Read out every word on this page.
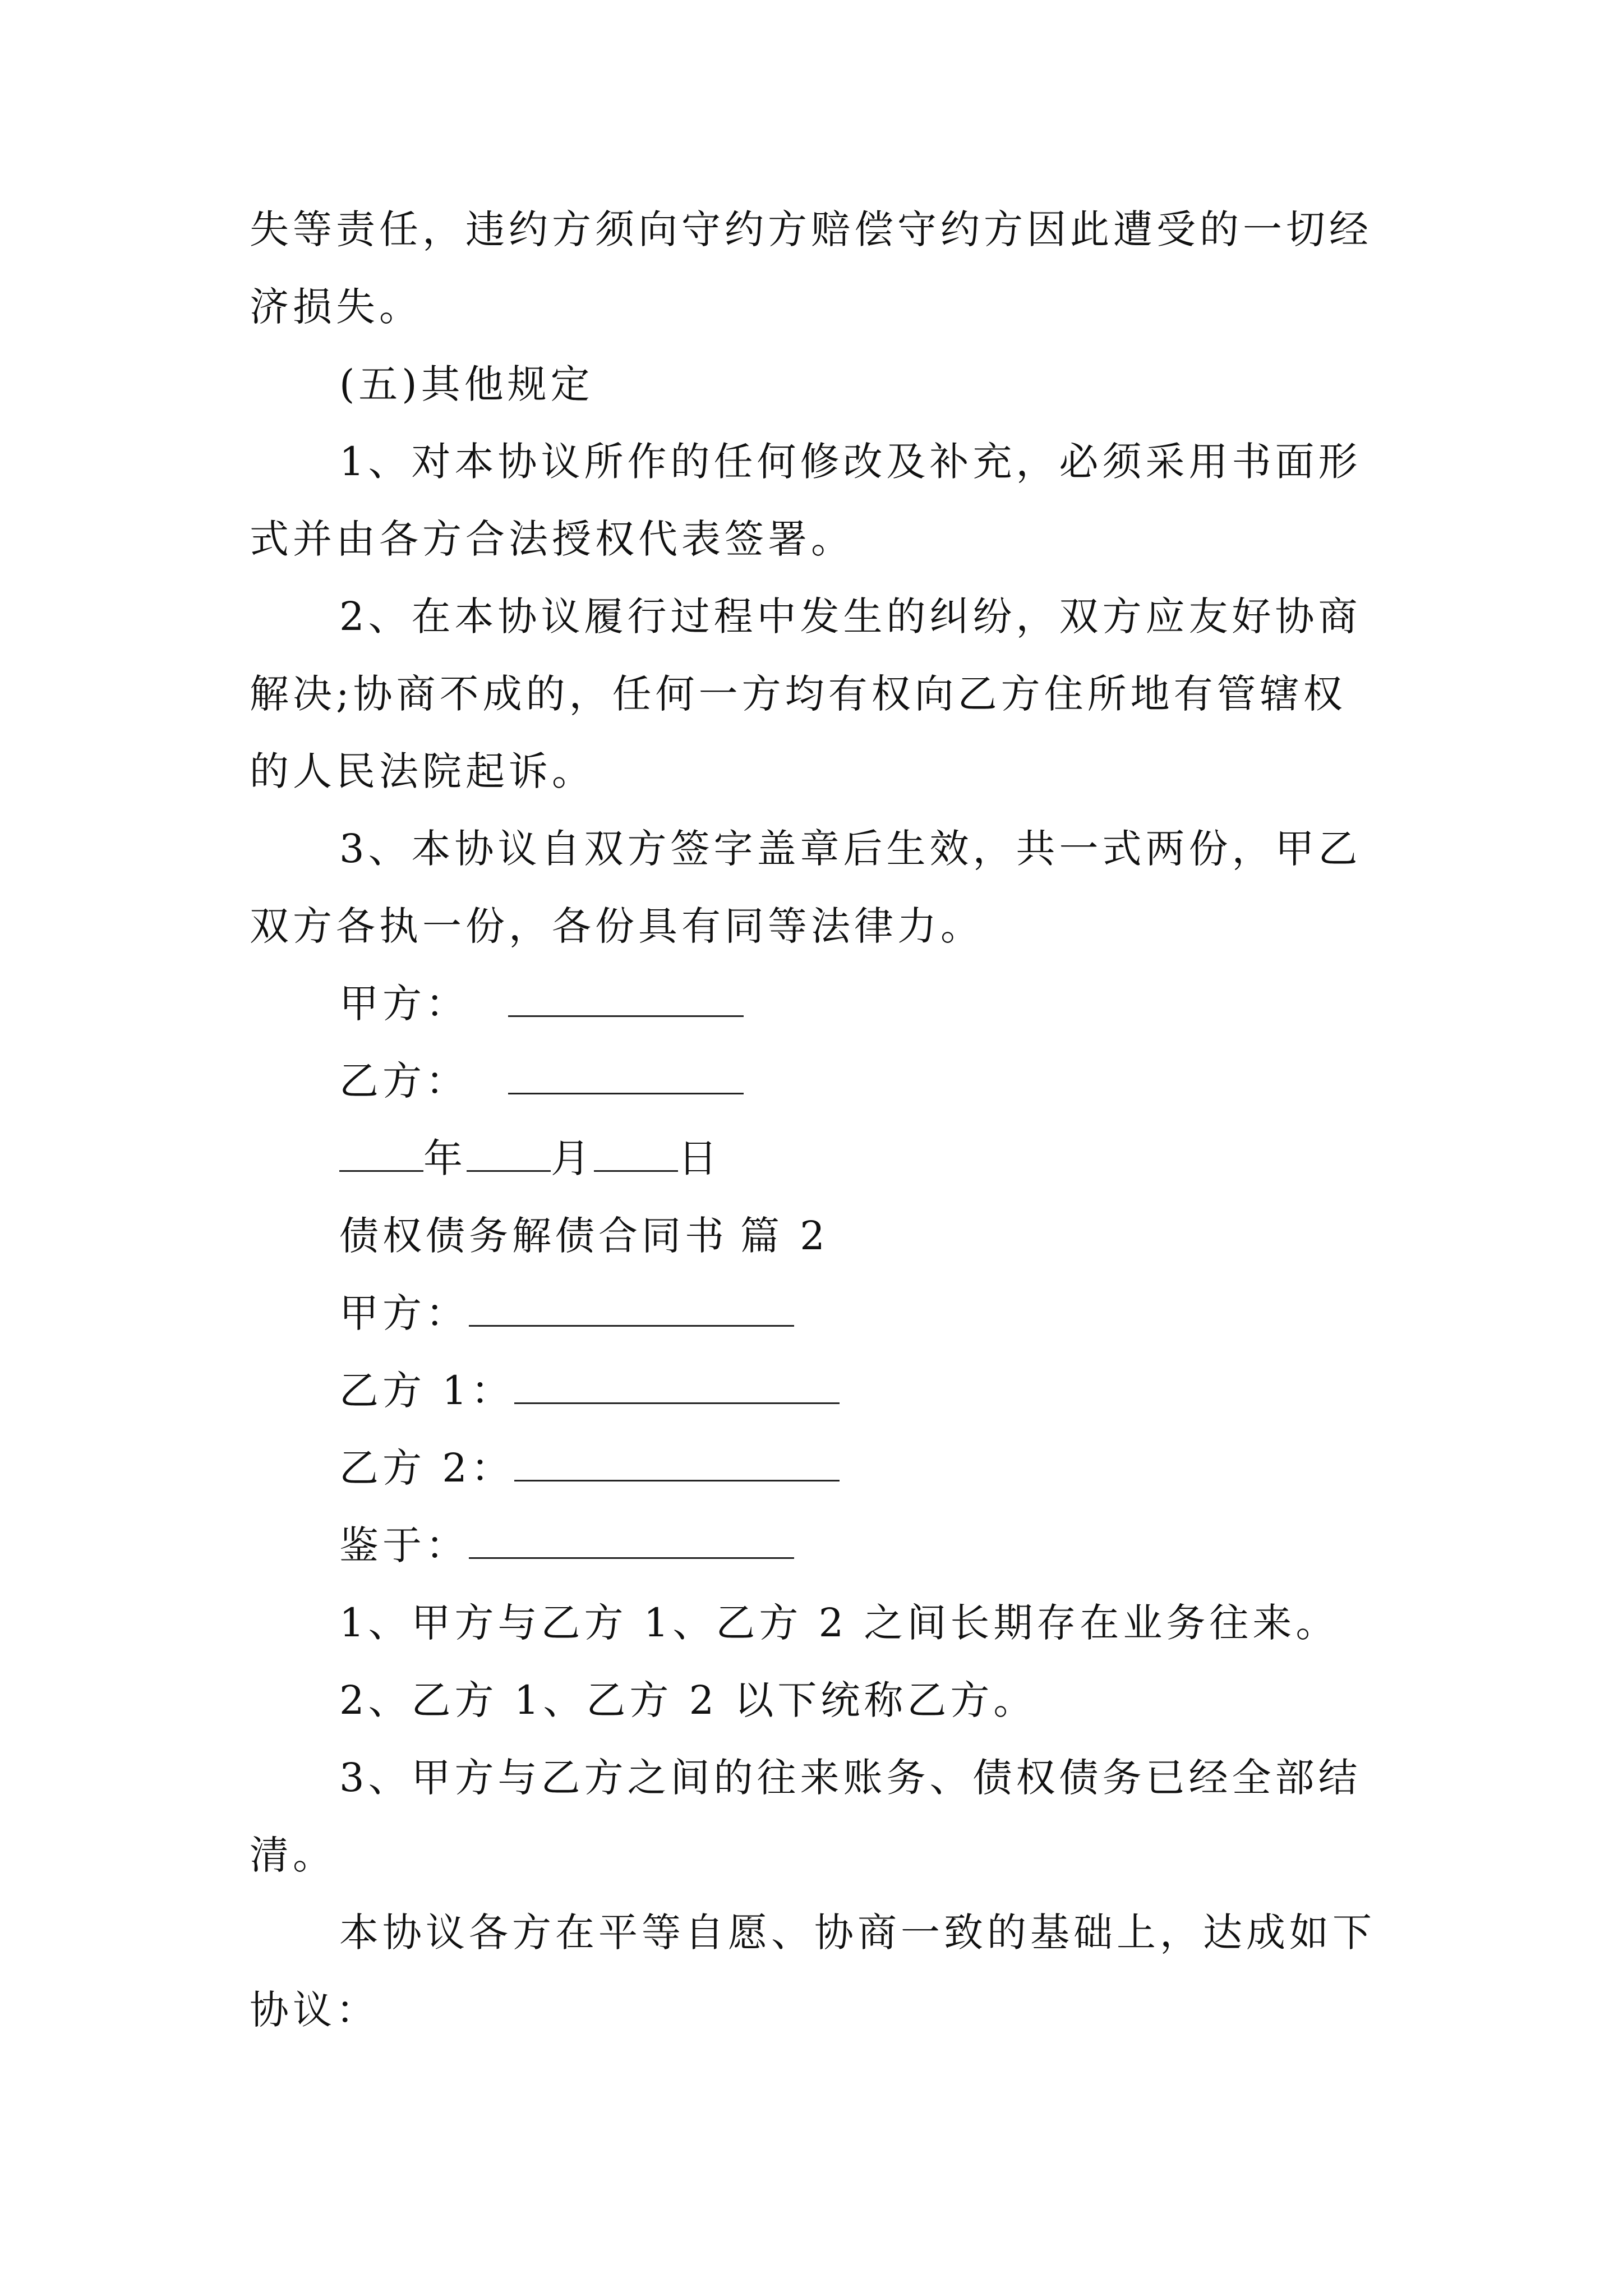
失等责任，违约方须向守约方赔偿守约方因此遭受的一切经
济损失。
(五)其他规定
1、对本协议所作的任何修改及补充，必须采用书面形
式并由各方合法授权代表签署。
2、在本协议履行过程中发生的纠纷，双方应友好协商
解决;协商不成的，任何一方均有权向乙方住所地有管辖权
的人民法院起诉。
3、本协议自双方签字盖章后生效，共一式两份，甲乙
双方各执一份，各份具有同等法律力。
甲方：
乙方：
年 月 日
债权债务解债合同书 篇 2
甲方：
乙方 1：
乙方 2：
鉴于：
1、甲方与乙方 1、乙方 2 之间长期存在业务往来。
2、乙方 1、乙方 2 以下统称乙方。
3、甲方与乙方之间的往来账务、债权债务已经全部结
清。
本协议各方在平等自愿、协商一致的基础上，达成如下
协议：
